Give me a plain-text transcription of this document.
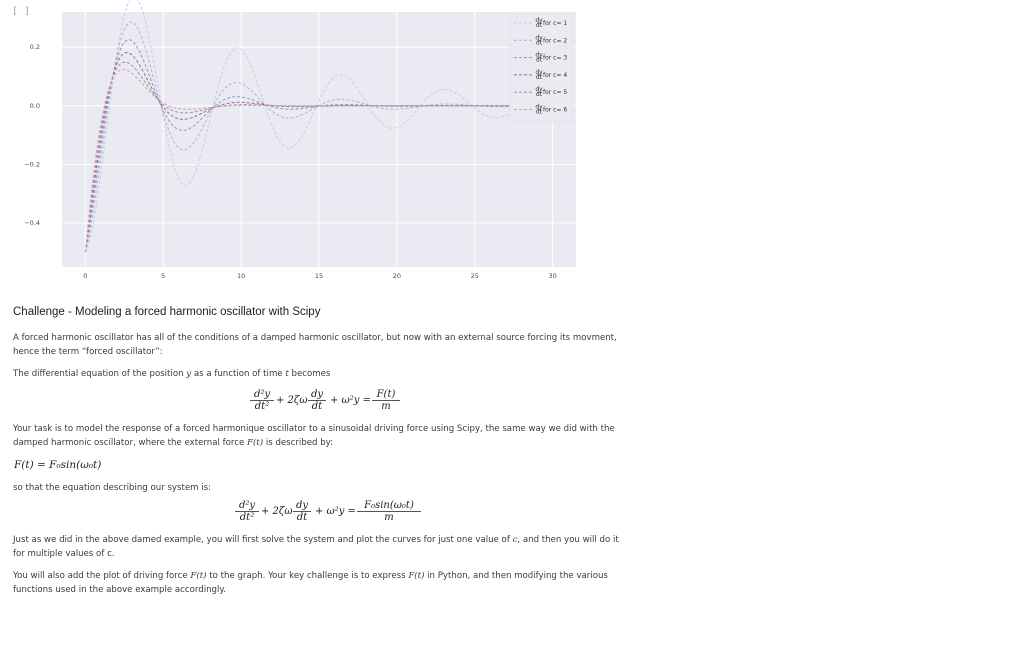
[ ]
0.2
0.0
−0.2
−0.4
0	5	10	15	20	25	30
dy
dt for c= 1
dy
dt for c= 2
dy
dt for c= 3
dy
dt for c= 4
dy
dt for c= 5
dy
dt for c= 6
Challenge - Modeling a forced harmonic oscillator with Scipy
A forced harmonic oscillator has all of the conditions of a damped harmonic oscillator, but now with an external source forcing its movment, hence the term “forced oscillator”:
The differential equation of the position y as a function of time t becomes
$\frac{\text{d²y}}{\text{dt²}} + 2\zeta\omega \frac{dy}{dt} + \omega^2y = \frac{F(t)}{m}$
Your task is to model the response of a forced harmonique oscillator to a sinusoidal driving force using Scipy, the same way we did with the damped harmonic oscillator, where the external force F(t) is described by:
F(t) = F₀sin(ω₀t)
so that the equation describing our system is:
$\frac{\text{d²y}}{\text{dt²}} + 2\zeta\omega \frac{dy}{dt} + \omega^2y = \frac{\text{F₀sin(ω₀t)}}{m}$
Just as we did in the above damed example, you will first solve the system and plot the curves for just one value of c, and then you will do it for multiple values of c.
You will also add the plot of driving force F(t) to the graph. Your key challenge is to express F(t) in Python, and then modifying the various functions used in the above example accordingly.
